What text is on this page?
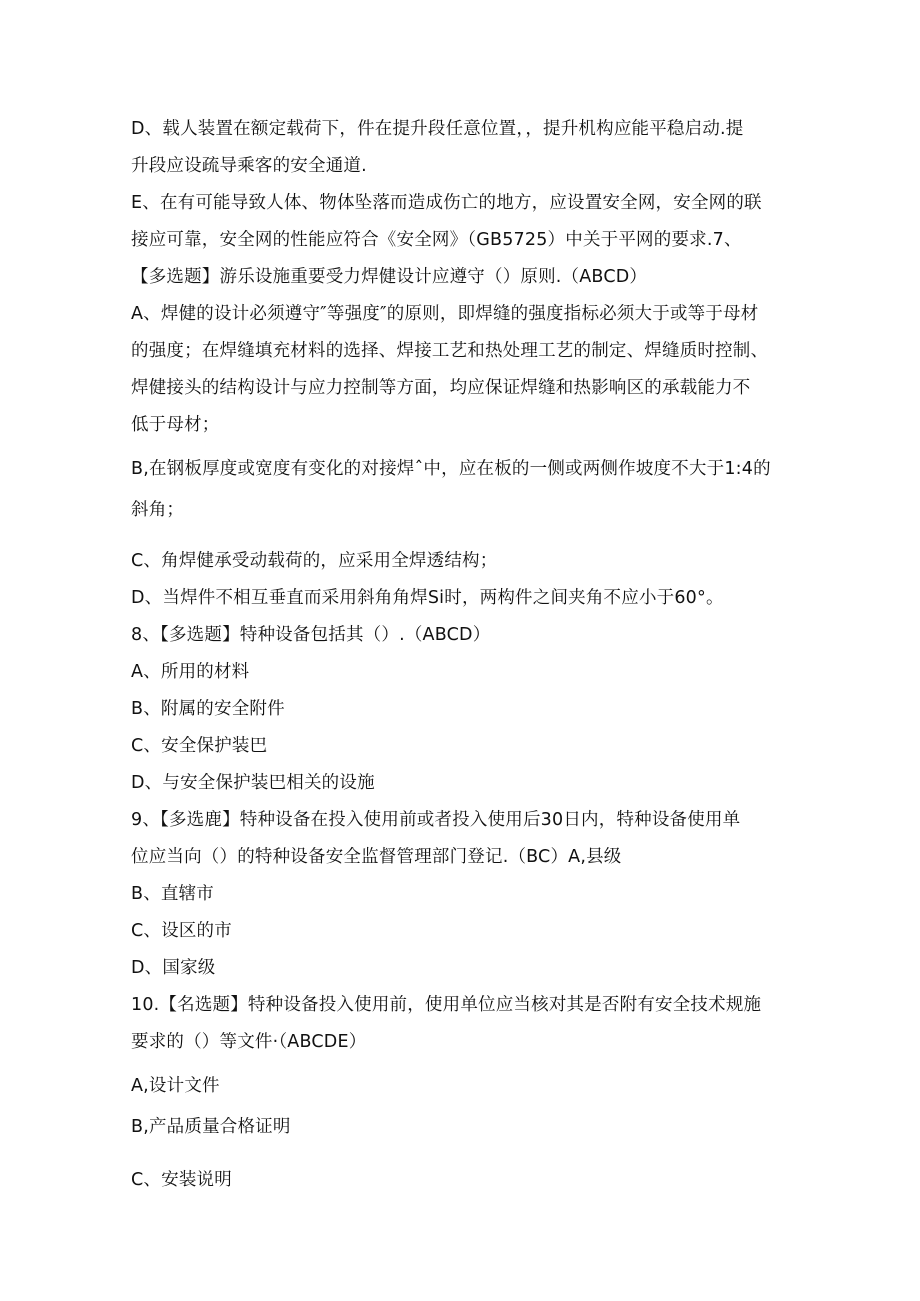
D、载人装置在额定载荷下，件在提升段任意位置，，提升机构应能平稳启动.提
升段应设疏导乘客的安全通道.
E、在有可能导致人体、物体坠落而造成伤亡的地方，应设置安全网，安全网的联
接应可靠，安全网的性能应符合《安全网》（GB5725）中关于平网的要求.7、
【多选题】游乐设施重要受力焊健设计应遵守（）原则.（ABCD）
A、焊健的设计必须遵守″等强度″的原则，即焊缝的强度指标必须大于或等于母材
的强度；在焊缝填充材料的选择、焊接工艺和热处理工艺的制定、焊缝质时控制、
焊健接头的结构设计与应力控制等方面，均应保证焊缝和热影响区的承载能力不
低于母材；
B,在钢板厚度或宽度有变化的对接焊ˆ中，应在板的一侧或两侧作坡度不大于1:4的
斜角；
C、角焊健承受动载荷的，应采用全焊透结构；
D、当焊件不相互垂直而采用斜角角焊Si时，两构件之间夹角不应小于60°。
8、【多选题】特种设备包括其（）.（ABCD）
A、所用的材料
B、附属的安全附件
C、安全保护装巴
D、与安全保护装巴相关的设施
9、【多选鹿】特种设备在投入使用前或者投入使用后30日内，特种设备使用单
位应当向（）的特种设备安全监督管理部门登记.（BC）A,县级
B、直辖市
C、设区的市
D、国家级
10.【名选题】特种设备投入使用前，使用单位应当核对其是否附有安全技术规施
要求的（）等文件·（ABCDE）
A,设计文件
B,产品质量合格证明
C、安装说明
